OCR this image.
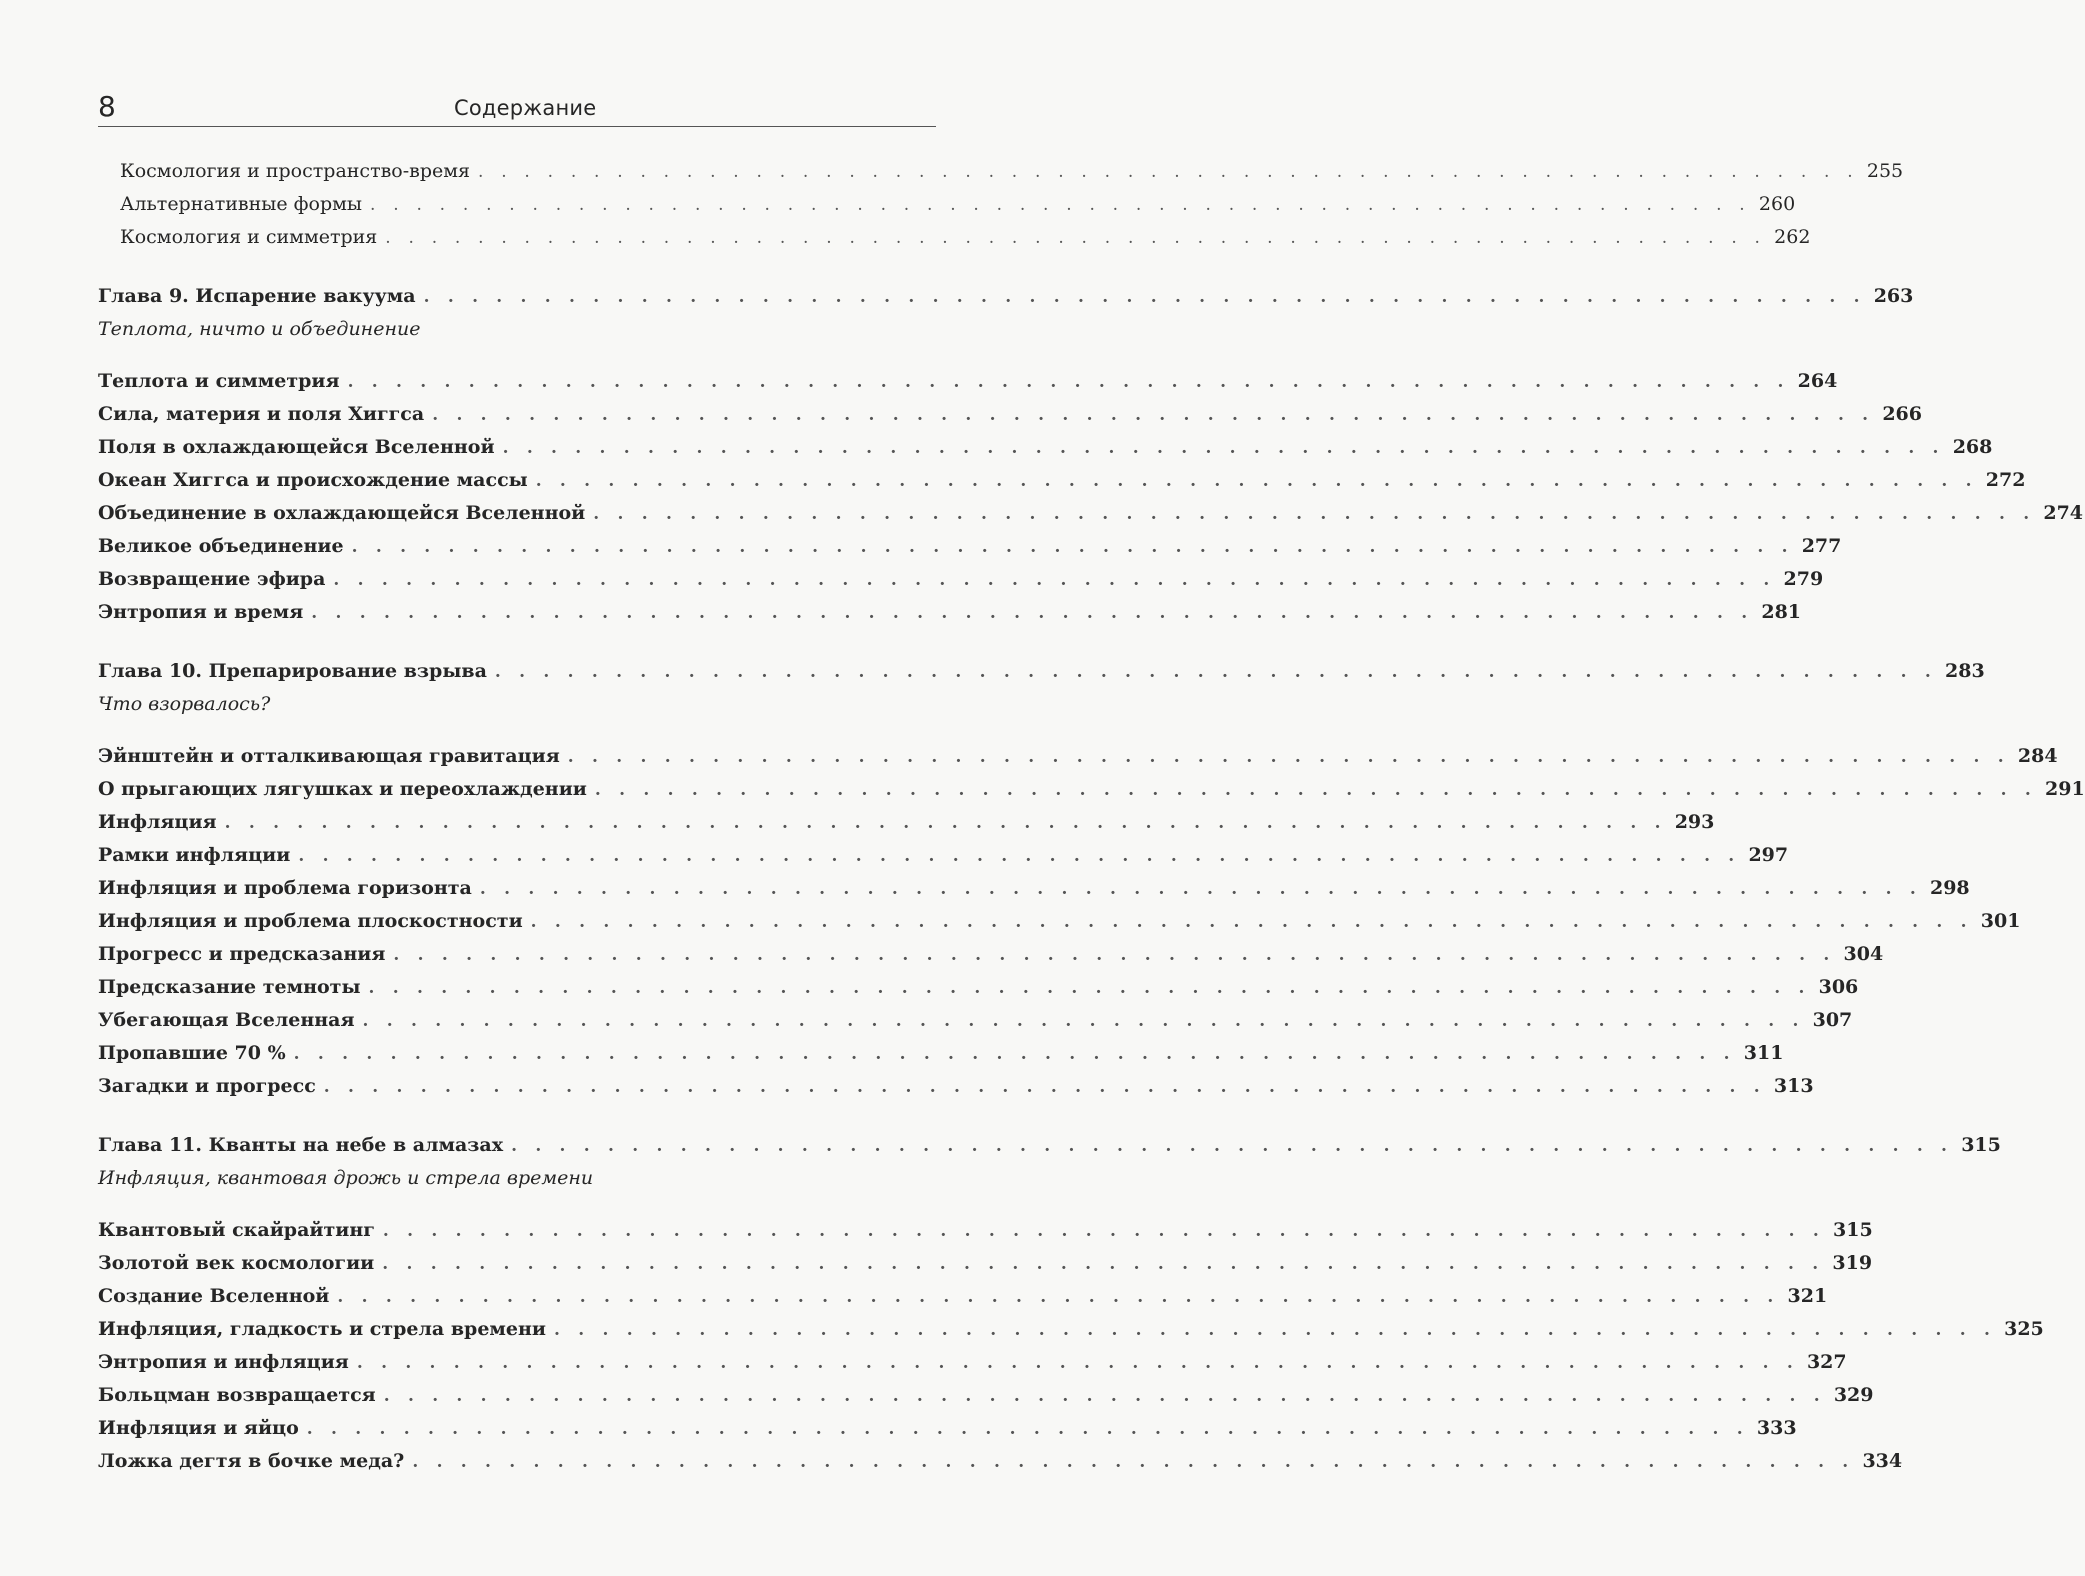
8	Содержание
Космология и пространство-время . . . . . . . . . . . . . . . . . . . . . . . . . . . . . . . . . . . . . . . . . . . . . . . . . . . . . . . . . . . . 255
Альтернативные формы . . . . . . . . . . . . . . . . . . . . . . . . . . . . . . . . . . . . . . . . . . . . . . . . . . . . . . . . . . . . 260
Космология и симметрия . . . . . . . . . . . . . . . . . . . . . . . . . . . . . . . . . . . . . . . . . . . . . . . . . . . . . . . . . . . . 262
Глава 9. Испарение вакуума . . . . . . . . . . . . . . . . . . . . . . . . . . . . . . . . . . . . . . . . . . . . . . . . . . . . . . . . . . . . 263
Теплота, ничто и объединение
Теплота и симметрия . . . . . . . . . . . . . . . . . . . . . . . . . . . . . . . . . . . . . . . . . . . . . . . . . . . . . . . . . . . . 264
Сила, материя и поля Хиггса . . . . . . . . . . . . . . . . . . . . . . . . . . . . . . . . . . . . . . . . . . . . . . . . . . . . . . . . . . . . 266
Поля в охлаждающейся Вселенной . . . . . . . . . . . . . . . . . . . . . . . . . . . . . . . . . . . . . . . . . . . . . . . . . . . . . . . . . . . . 268
Океан Хиггса и происхождение массы . . . . . . . . . . . . . . . . . . . . . . . . . . . . . . . . . . . . . . . . . . . . . . . . . . . . . . . . . . . . 272
Объединение в охлаждающейся Вселенной . . . . . . . . . . . . . . . . . . . . . . . . . . . . . . . . . . . . . . . . . . . . . . . . . . . . . . . . . . . . 274
Великое объединение . . . . . . . . . . . . . . . . . . . . . . . . . . . . . . . . . . . . . . . . . . . . . . . . . . . . . . . . . . . . 277
Возвращение эфира . . . . . . . . . . . . . . . . . . . . . . . . . . . . . . . . . . . . . . . . . . . . . . . . . . . . . . . . . . . . 279
Энтропия и время . . . . . . . . . . . . . . . . . . . . . . . . . . . . . . . . . . . . . . . . . . . . . . . . . . . . . . . . . . . . 281
Глава 10. Препарирование взрыва . . . . . . . . . . . . . . . . . . . . . . . . . . . . . . . . . . . . . . . . . . . . . . . . . . . . . . . . . . . . 283
Что взорвалось?
Эйнштейн и отталкивающая гравитация . . . . . . . . . . . . . . . . . . . . . . . . . . . . . . . . . . . . . . . . . . . . . . . . . . . . . . . . . . . . 284
О прыгающих лягушках и переохлаждении . . . . . . . . . . . . . . . . . . . . . . . . . . . . . . . . . . . . . . . . . . . . . . . . . . . . . . . . . . . . 291
Инфляция . . . . . . . . . . . . . . . . . . . . . . . . . . . . . . . . . . . . . . . . . . . . . . . . . . . . . . . . . . . . 293
Рамки инфляции . . . . . . . . . . . . . . . . . . . . . . . . . . . . . . . . . . . . . . . . . . . . . . . . . . . . . . . . . . . . 297
Инфляция и проблема горизонта . . . . . . . . . . . . . . . . . . . . . . . . . . . . . . . . . . . . . . . . . . . . . . . . . . . . . . . . . . . . 298
Инфляция и проблема плоскостности . . . . . . . . . . . . . . . . . . . . . . . . . . . . . . . . . . . . . . . . . . . . . . . . . . . . . . . . . . . . 301
Прогресс и предсказания . . . . . . . . . . . . . . . . . . . . . . . . . . . . . . . . . . . . . . . . . . . . . . . . . . . . . . . . . . . . 304
Предсказание темноты . . . . . . . . . . . . . . . . . . . . . . . . . . . . . . . . . . . . . . . . . . . . . . . . . . . . . . . . . . . . 306
Убегающая Вселенная . . . . . . . . . . . . . . . . . . . . . . . . . . . . . . . . . . . . . . . . . . . . . . . . . . . . . . . . . . . . 307
Пропавшие 70 % . . . . . . . . . . . . . . . . . . . . . . . . . . . . . . . . . . . . . . . . . . . . . . . . . . . . . . . . . . . . 311
Загадки и прогресс . . . . . . . . . . . . . . . . . . . . . . . . . . . . . . . . . . . . . . . . . . . . . . . . . . . . . . . . . . . . 313
Глава 11. Кванты на небе в алмазах . . . . . . . . . . . . . . . . . . . . . . . . . . . . . . . . . . . . . . . . . . . . . . . . . . . . . . . . . . . . 315
Инфляция, квантовая дрожь и стрела времени
Квантовый скайрайтинг . . . . . . . . . . . . . . . . . . . . . . . . . . . . . . . . . . . . . . . . . . . . . . . . . . . . . . . . . . . . 315
Золотой век космологии . . . . . . . . . . . . . . . . . . . . . . . . . . . . . . . . . . . . . . . . . . . . . . . . . . . . . . . . . . . . 319
Создание Вселенной . . . . . . . . . . . . . . . . . . . . . . . . . . . . . . . . . . . . . . . . . . . . . . . . . . . . . . . . . . . . 321
Инфляция, гладкость и стрела времени . . . . . . . . . . . . . . . . . . . . . . . . . . . . . . . . . . . . . . . . . . . . . . . . . . . . . . . . . . . . 325
Энтропия и инфляция . . . . . . . . . . . . . . . . . . . . . . . . . . . . . . . . . . . . . . . . . . . . . . . . . . . . . . . . . . . . 327
Больцман возвращается . . . . . . . . . . . . . . . . . . . . . . . . . . . . . . . . . . . . . . . . . . . . . . . . . . . . . . . . . . . . 329
Инфляция и яйцо . . . . . . . . . . . . . . . . . . . . . . . . . . . . . . . . . . . . . . . . . . . . . . . . . . . . . . . . . . . . 333
Ложка дегтя в бочке меда? . . . . . . . . . . . . . . . . . . . . . . . . . . . . . . . . . . . . . . . . . . . . . . . . . . . . . . . . . . . . 334
